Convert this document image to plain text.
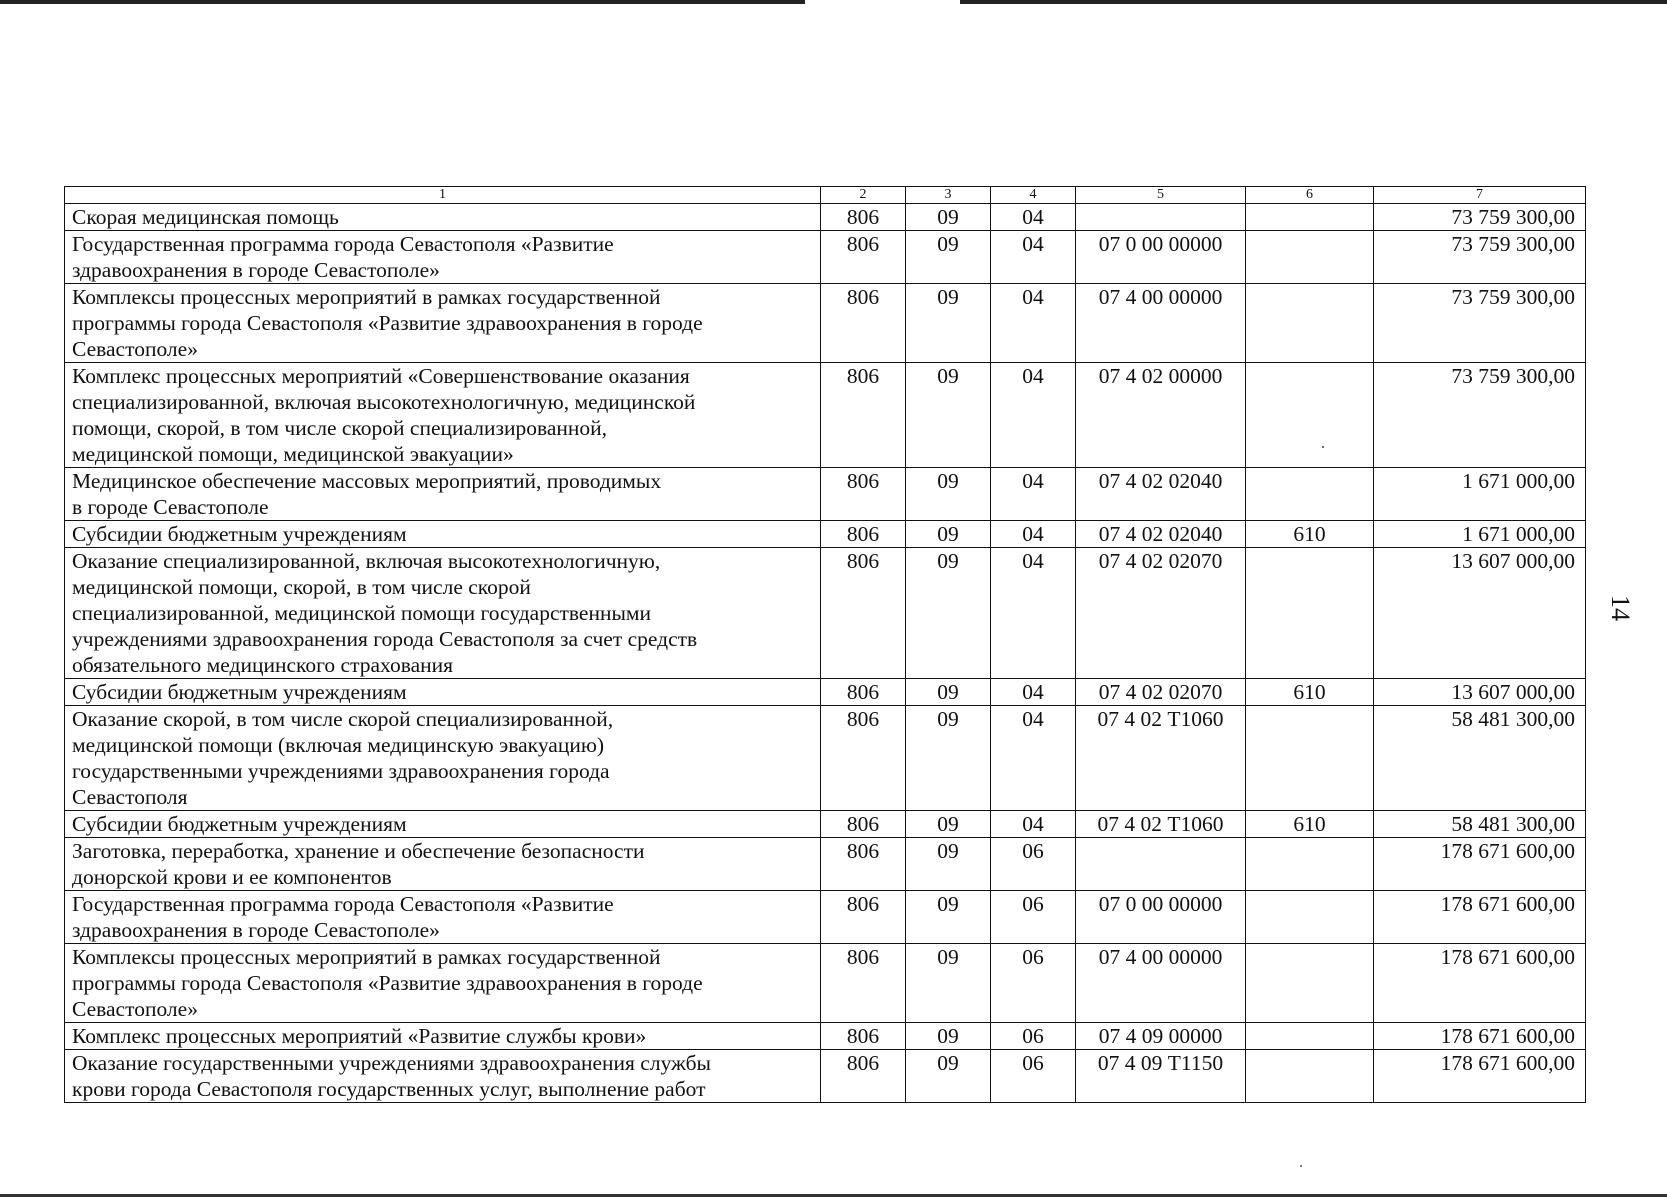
14
1	2	3	4	5	6	7
Скорая медицинская помощь	806	09	04			73 759 300,00
Государственная программа города Севастополя «Развитие
здравоохранения в городе Севастополе»	806	09	04	07 0 00 00000		73 759 300,00
Комплексы процессных мероприятий в рамках государственной
программы города Севастополя «Развитие здравоохранения в городе
Севастополе»	806	09	04	07 4 00 00000		73 759 300,00
Комплекс процессных мероприятий «Совершенствование оказания
специализированной, включая высокотехнологичную, медицинской
помощи, скорой, в том числе скорой специализированной,
медицинской помощи, медицинской эвакуации»	806	09	04	07 4 02 00000		73 759 300,00
Медицинское обеспечение массовых мероприятий, проводимых
в городе Севастополе	806	09	04	07 4 02 02040		1 671 000,00
Субсидии бюджетным учреждениям	806	09	04	07 4 02 02040	610	1 671 000,00
Оказание специализированной, включая высокотехнологичную,
медицинской помощи, скорой, в том числе скорой
специализированной, медицинской помощи государственными
учреждениями здравоохранения города Севастополя за счет средств
обязательного медицинского страхования	806	09	04	07 4 02 02070		13 607 000,00
Субсидии бюджетным учреждениям	806	09	04	07 4 02 02070	610	13 607 000,00
Оказание скорой, в том числе скорой специализированной,
медицинской помощи (включая медицинскую эвакуацию)
государственными учреждениями здравоохранения города
Севастополя	806	09	04	07 4 02 Т1060		58 481 300,00
Субсидии бюджетным учреждениям	806	09	04	07 4 02 Т1060	610	58 481 300,00
Заготовка, переработка, хранение и обеспечение безопасности
донорской крови и ее компонентов	806	09	06			178 671 600,00
Государственная программа города Севастополя «Развитие
здравоохранения в городе Севастополе»	806	09	06	07 0 00 00000		178 671 600,00
Комплексы процессных мероприятий в рамках государственной
программы города Севастополя «Развитие здравоохранения в городе
Севастополе»	806	09	06	07 4 00 00000		178 671 600,00
Комплекс процессных мероприятий «Развитие службы крови»	806	09	06	07 4 09 00000		178 671 600,00
Оказание государственными учреждениями здравоохранения службы
крови города Севастополя государственных услуг, выполнение работ	806	09	06	07 4 09 Т1150		178 671 600,00
